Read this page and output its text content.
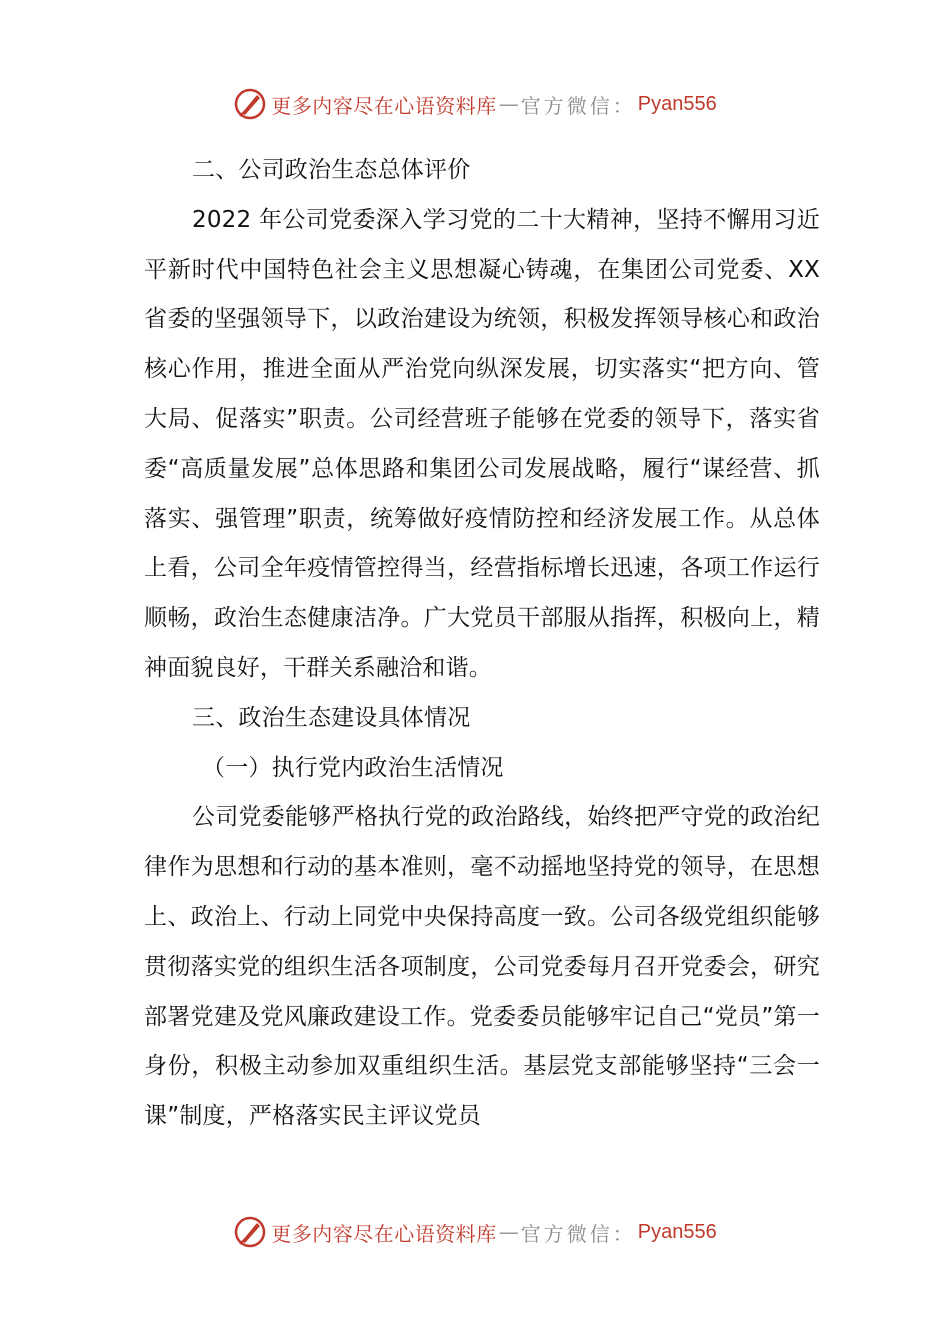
更多内容尽在心语资料库 — 官方微信： Pyan556

二、公司政治生态总体评价

2022 年公司党委深入学习党的二十大精神，坚持不懈用习近平新时代中国特色社会主义思想凝心铸魂，在集团公司党委、XX 省委的坚强领导下，以政治建设为统领，积极发挥领导核心和政治核心作用，推进全面从严治党向纵深发展，切实落实“把方向、管大局、促落实”职责。公司经营班子能够在党委的领导下，落实省委“高质量发展”总体思路和集团公司发展战略，履行“谋经营、抓落实、强管理”职责，统筹做好疫情防控和经济发展工作。从总体上看，公司全年疫情管控得当，经营指标增长迅速，各项工作运行顺畅，政治生态健康洁净。广大党员干部服从指挥，积极向上，精神面貌良好，干群关系融洽和谐。

三、政治生态建设具体情况

（一）执行党内政治生活情况

公司党委能够严格执行党的政治路线，始终把严守党的政治纪律作为思想和行动的基本准则，毫不动摇地坚持党的领导，在思想上、政治上、行动上同党中央保持高度一致。公司各级党组织能够贯彻落实党的组织生活各项制度，公司党委每月召开党委会，研究部署党建及党风廉政建设工作。党委委员能够牢记自己“党员”第一身份，积极主动参加双重组织生活。基层党支部能够坚持“三会一课”制度，严格落实民主评议党员

更多内容尽在心语资料库 — 官方微信： Pyan556
